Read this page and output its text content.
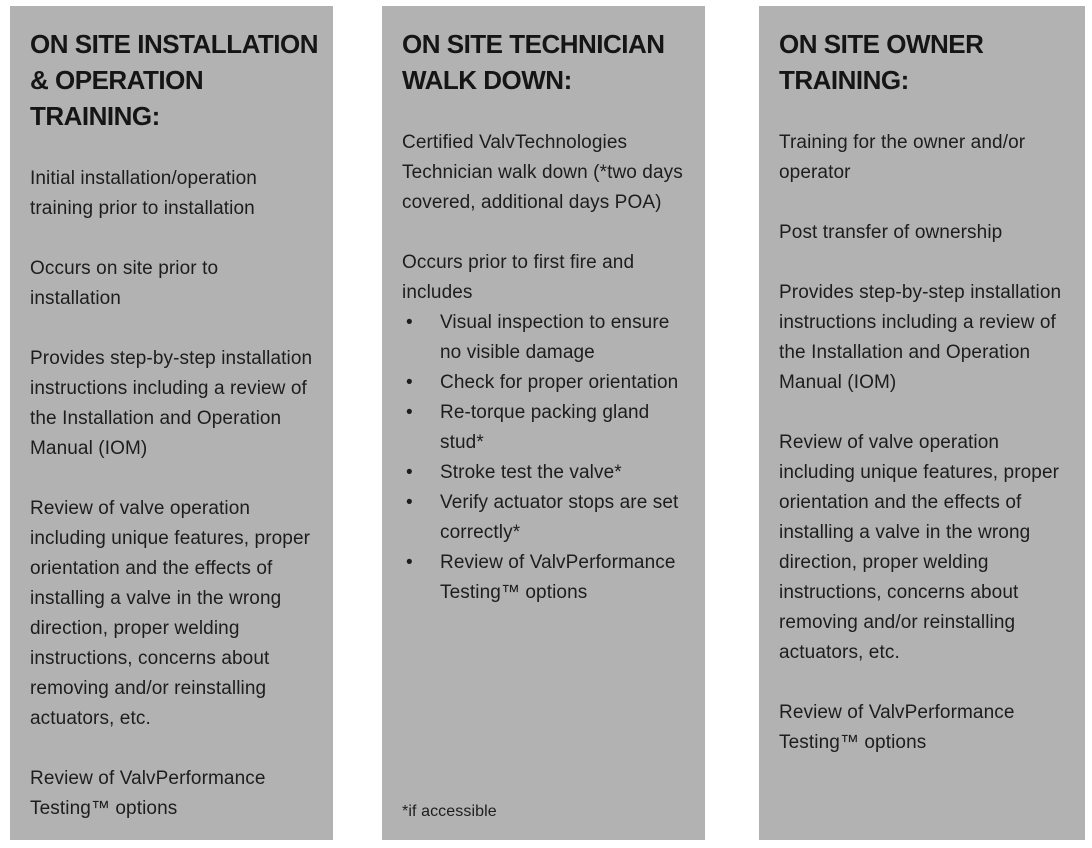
ON SITE INSTALLATION
& OPERATION
TRAINING:

Initial installation/operation training prior to installation

Occurs on site prior to installation

Provides step-by-step installation instructions including a review of the Installation and Operation Manual (IOM)

Review of valve operation including unique features, proper orientation and the effects of installing a valve in the wrong direction, proper welding instructions, concerns about removing and/or reinstalling actuators, etc.

Review of ValvPerformance Testing™ options

ON SITE TECHNICIAN
WALK DOWN:

Certified ValvTechnologies Technician walk down (*two days covered, additional days POA)

Occurs prior to first fire and includes

• Visual inspection to ensure no visible damage
• Check for proper orientation
• Re-torque packing gland stud*
• Stroke test the valve*
• Verify actuator stops are set correctly*
• Review of ValvPerformance Testing™ options

*if accessible

ON SITE OWNER
TRAINING:

Training for the owner and/or operator

Post transfer of ownership

Provides step-by-step installation instructions including a review of the Installation and Operation Manual (IOM)

Review of valve operation including unique features, proper orientation and the effects of installing a valve in the wrong direction, proper welding instructions, concerns about removing and/or reinstalling actuators, etc.

Review of ValvPerformance Testing™ options
